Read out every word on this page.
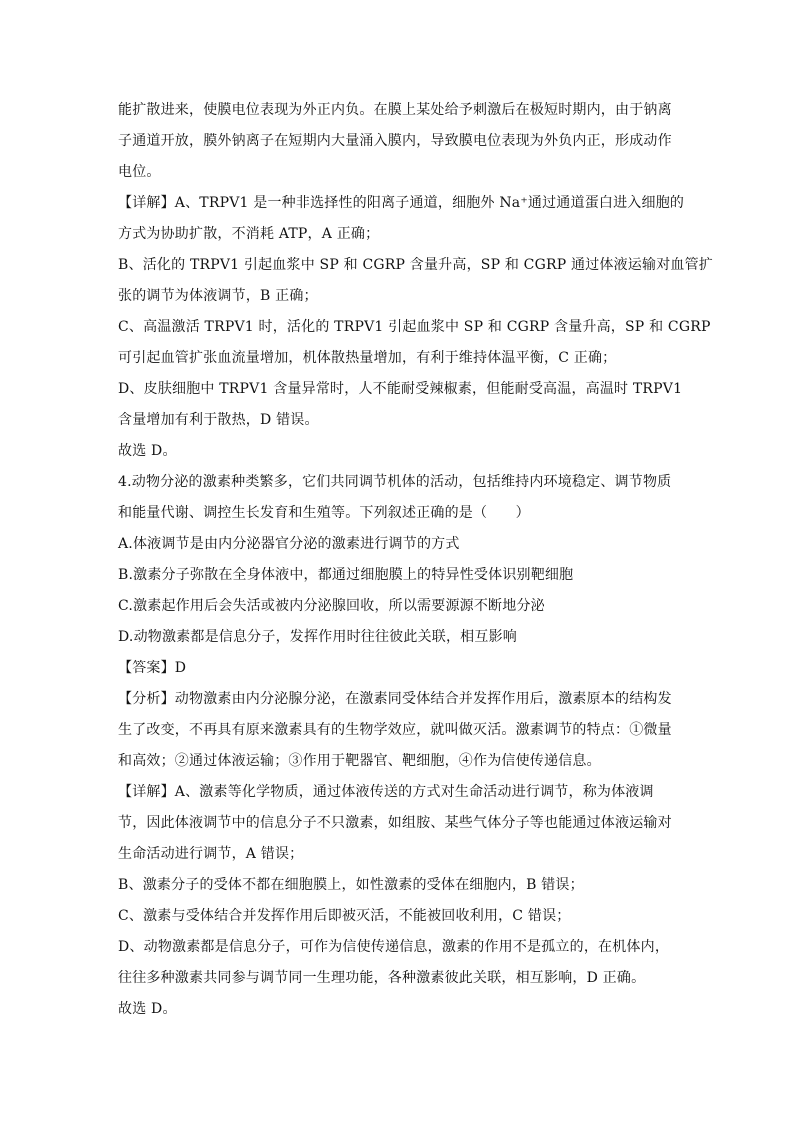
能扩散进来，使膜电位表现为外正内负。在膜上某处给予刺激后在极短时期内，由于钠离
子通道开放，膜外钠离子在短期内大量涌入膜内，导致膜电位表现为外负内正，形成动作
电位。
【详解】A、TRPV1 是一种非选择性的阳离子通道，细胞外 Na⁺通过通道蛋白进入细胞的
方式为协助扩散，不消耗 ATP，A 正确；
B、活化的 TRPV1 引起血浆中 SP 和 CGRP 含量升高，SP 和 CGRP 通过体液运输对血管扩
张的调节为体液调节，B 正确；
C、高温激活 TRPV1 时，活化的 TRPV1 引起血浆中 SP 和 CGRP 含量升高，SP 和 CGRP
可引起血管扩张血流量增加，机体散热量增加，有利于维持体温平衡，C 正确；
D、皮肤细胞中 TRPV1 含量异常时，人不能耐受辣椒素，但能耐受高温，高温时 TRPV1
含量增加有利于散热，D 错误。
故选 D。
4.动物分泌的激素种类繁多，它们共同调节机体的活动，包括维持内环境稳定、调节物质
和能量代谢、调控生长发育和生殖等。下列叙述正确的是（　　）
A.体液调节是由内分泌器官分泌的激素进行调节的方式
B.激素分子弥散在全身体液中，都通过细胞膜上的特异性受体识别靶细胞
C.激素起作用后会失活或被内分泌腺回收，所以需要源源不断地分泌
D.动物激素都是信息分子，发挥作用时往往彼此关联，相互影响
【答案】D
【分析】动物激素由内分泌腺分泌，在激素同受体结合并发挥作用后，激素原本的结构发
生了改变，不再具有原来激素具有的生物学效应，就叫做灭活。激素调节的特点：①微量
和高效；②通过体液运输；③作用于靶器官、靶细胞，④作为信使传递信息。
【详解】A、激素等化学物质，通过体液传送的方式对生命活动进行调节，称为体液调
节，因此体液调节中的信息分子不只激素，如组胺、某些气体分子等也能通过体液运输对
生命活动进行调节，A 错误；
B、激素分子的受体不都在细胞膜上，如性激素的受体在细胞内，B 错误；
C、激素与受体结合并发挥作用后即被灭活，不能被回收利用，C 错误；
D、动物激素都是信息分子，可作为信使传递信息，激素的作用不是孤立的，在机体内，
往往多种激素共同参与调节同一生理功能，各种激素彼此关联，相互影响，D 正确。
故选 D。
